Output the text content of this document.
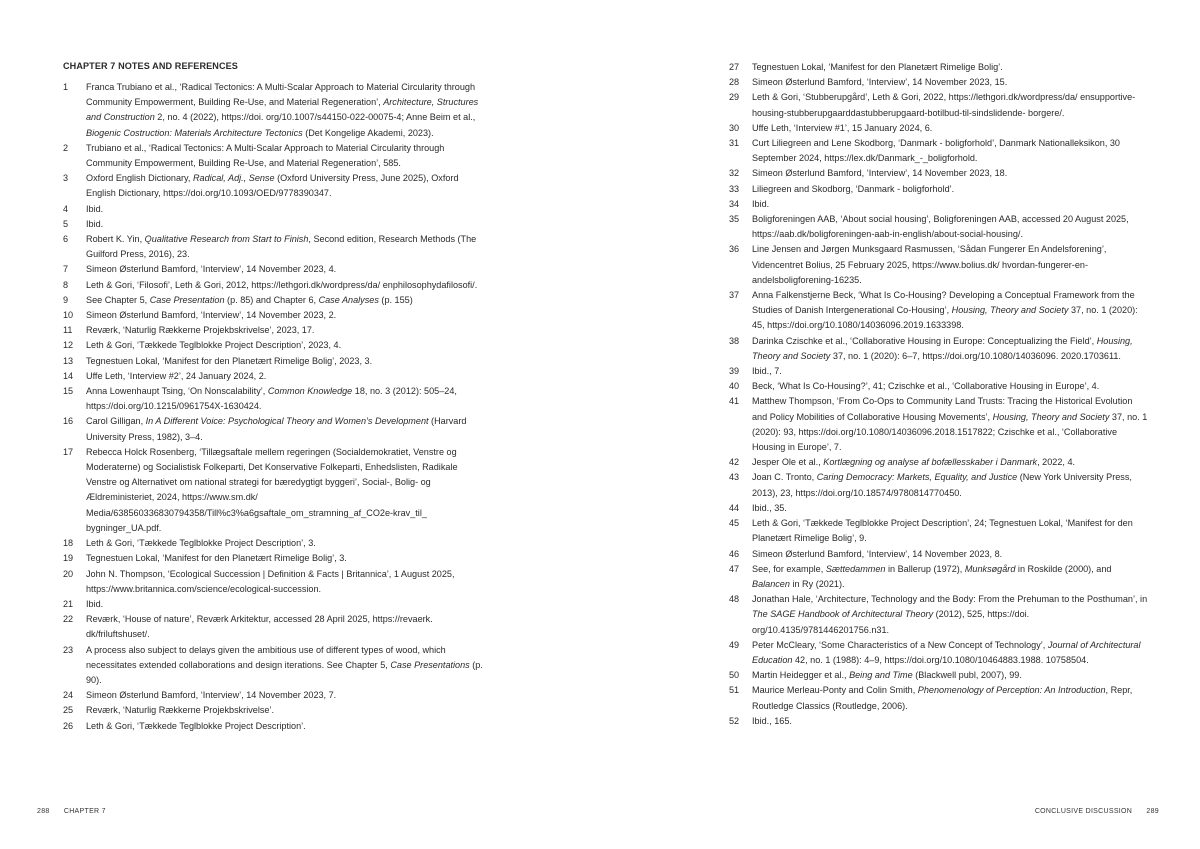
CHAPTER 7 NOTES AND REFERENCES
1	Franca Trubiano et al., ‘Radical Tectonics: A Multi-Scalar Approach to Material Circularity through Community Empowerment, Building Re-Use, and Material Regeneration’, Architecture, Structures and Construction 2, no. 4 (2022), https://doi. org/10.1007/s44150-022-00075-4; Anne Beim et al., Biogenic Costruction: Materials Architecture Tectonics (Det Kongelige Akademi, 2023).
2	Trubiano et al., ‘Radical Tectonics: A Multi-Scalar Approach to Material Circularity through Community Empowerment, Building Re-Use, and Material Regeneration’, 585.
3	Oxford English Dictionary, Radical, Adj., Sense (Oxford University Press, June 2025), Oxford English Dictionary, https://doi.org/10.1093/OED/9778390347.
4	Ibid.
5	Ibid.
6	Robert K. Yin, Qualitative Research from Start to Finish, Second edition, Research Methods (The Guilford Press, 2016), 23.
7	Simeon Østerlund Bamford, ‘Interview’, 14 November 2023, 4.
8	Leth & Gori, ‘Filosofi’, Leth & Gori, 2012, https://lethgori.dk/wordpress/da/ enphilosophydafilosofi/.
9	See Chapter 5, Case Presentation (p. 85) and Chapter 6, Case Analyses (p. 155)
10	Simeon Østerlund Bamford, ‘Interview’, 14 November 2023, 2.
11	Reværk, ‘Naturlig Rækkerne Projekbskrivelse’, 2023, 17.
12	Leth & Gori, ‘Tækkede Teglblokke Project Description’, 2023, 4.
13	Tegnestuen Lokal, ‘Manifest for den Planetært Rimelige Bolig’, 2023, 3.
14	Uffe Leth, ‘Interview #2’, 24 January 2024, 2.
15	Anna Lowenhaupt Tsing, ‘On Nonscalability’, Common Knowledge 18, no. 3 (2012): 505–24, https://doi.org/10.1215/0961754X-1630424.
16	Carol Gilligan, In A Different Voice: Psychological Theory and Women’s Development (Harvard University Press, 1982), 3–4.
17	Rebecca Holck Rosenberg, ‘Tillægsaftale mellem regeringen (Socialdemokratiet, Venstre og Moderaterne) og Socialistisk Folkeparti, Det Konservative Folkeparti, Enhedslisten, Radikale Venstre og Alternativet om national strategi for bæredygtigt byggeri’, Social-, Bolig- og Ældreministeriet, 2024, https://www.sm.dk/ Media/638560336830794358/Till%c3%a6gsaftale_om_stramning_af_CO2e-krav_til_ bygninger_UA.pdf.
18	Leth & Gori, ‘Tækkede Teglblokke Project Description’, 3.
19	Tegnestuen Lokal, ‘Manifest for den Planetært Rimelige Bolig’, 3.
20	John N. Thompson, ‘Ecological Succession | Definition & Facts | Britannica’, 1 August 2025, https://www.britannica.com/science/ecological-succession.
21	Ibid.
22	Reværk, ‘House of nature’, Reværk Arkitektur, accessed 28 April 2025, https://revaerk. dk/friluftshuset/.
23	A process also subject to delays given the ambitious use of different types of wood, which necessitates extended collaborations and design iterations. See Chapter 5, Case Presentations (p. 90).
24	Simeon Østerlund Bamford, ‘Interview’, 14 November 2023, 7.
25	Reværk, ‘Naturlig Rækkerne Projekbskrivelse’.
26	Leth & Gori, ‘Tækkede Teglblokke Project Description’.
288 CHAPTER 7
27	Tegnestuen Lokal, ‘Manifest for den Planetært Rimelige Bolig’.
28	Simeon Østerlund Bamford, ‘Interview’, 14 November 2023, 15.
29	Leth & Gori, ‘Stubberupgård’, Leth & Gori, 2022, https://lethgori.dk/wordpress/da/ ensupportive-housing-stubberupgaarddastubberupgaard-botilbud-til-sindslidende- borgere/.
30	Uffe Leth, ‘Interview #1’, 15 January 2024, 6.
31	Curt Liliegreen and Lene Skodborg, ‘Danmark - boligforhold’, Danmark Nationalleksikon, 30 September 2024, https://lex.dk/Danmark_-_boligforhold.
32	Simeon Østerlund Bamford, ‘Interview’, 14 November 2023, 18.
33	Liliegreen and Skodborg, ‘Danmark - boligforhold’.
34	Ibid.
35	Boligforeningen AAB, ‘About social housing’, Boligforeningen AAB, accessed 20 August 2025, https://aab.dk/boligforeningen-aab-in-english/about-social-housing/.
36	Line Jensen and Jørgen Munksgaard Rasmussen, ‘Sådan Fungerer En Andelsforening’, Videncentret Bolius, 25 February 2025, https://www.bolius.dk/ hvordan-fungerer-en-andelsboligforening-16235.
37	Anna Falkenstjerne Beck, ‘What Is Co-Housing? Developing a Conceptual Framework from the Studies of Danish Intergenerational Co-Housing’, Housing, Theory and Society 37, no. 1 (2020): 45, https://doi.org/10.1080/14036096.2019.1633398.
38	Darinka Czischke et al., ‘Collaborative Housing in Europe: Conceptualizing the Field’, Housing, Theory and Society 37, no. 1 (2020): 6–7, https://doi.org/10.1080/14036096. 2020.1703611.
39	Ibid., 7.
40	Beck, ‘What Is Co-Housing?’, 41; Czischke et al., ‘Collaborative Housing in Europe’, 4.
41	Matthew Thompson, ‘From Co-Ops to Community Land Trusts: Tracing the Historical Evolution and Policy Mobilities of Collaborative Housing Movements’, Housing, Theory and Society 37, no. 1 (2020): 93, https://doi.org/10.1080/14036096.2018.1517822; Czischke et al., ‘Collaborative Housing in Europe’, 7.
42	Jesper Ole et al., Kortlægning og analyse af bofællesskaber i Danmark, 2022, 4.
43	Joan C. Tronto, Caring Democracy: Markets, Equality, and Justice (New York University Press, 2013), 23, https://doi.org/10.18574/9780814770450.
44	Ibid., 35.
45	Leth & Gori, ‘Tækkede Teglblokke Project Description’, 24; Tegnestuen Lokal, ‘Manifest for den Planetært Rimelige Bolig’, 9.
46	Simeon Østerlund Bamford, ‘Interview’, 14 November 2023, 8.
47	See, for example, Sættedammen in Ballerup (1972), Munksøgård in Roskilde (2000), and Balancen in Ry (2021).
48	Jonathan Hale, ‘Architecture, Technology and the Body: From the Prehuman to the Posthuman’, in The SAGE Handbook of Architectural Theory (2012), 525, https://doi. org/10.4135/9781446201756.n31.
49	Peter McCleary, ‘Some Characteristics of a New Concept of Technology’, Journal of Architectural Education 42, no. 1 (1988): 4–9, https://doi.org/10.1080/10464883.1988. 10758504.
50	Martin Heidegger et al., Being and Time (Blackwell publ, 2007), 99.
51	Maurice Merleau-Ponty and Colin Smith, Phenomenology of Perception: An Introduction, Repr, Routledge Classics (Routledge, 2006).
52	Ibid., 165.
CONCLUSIVE DISCUSSION 289
